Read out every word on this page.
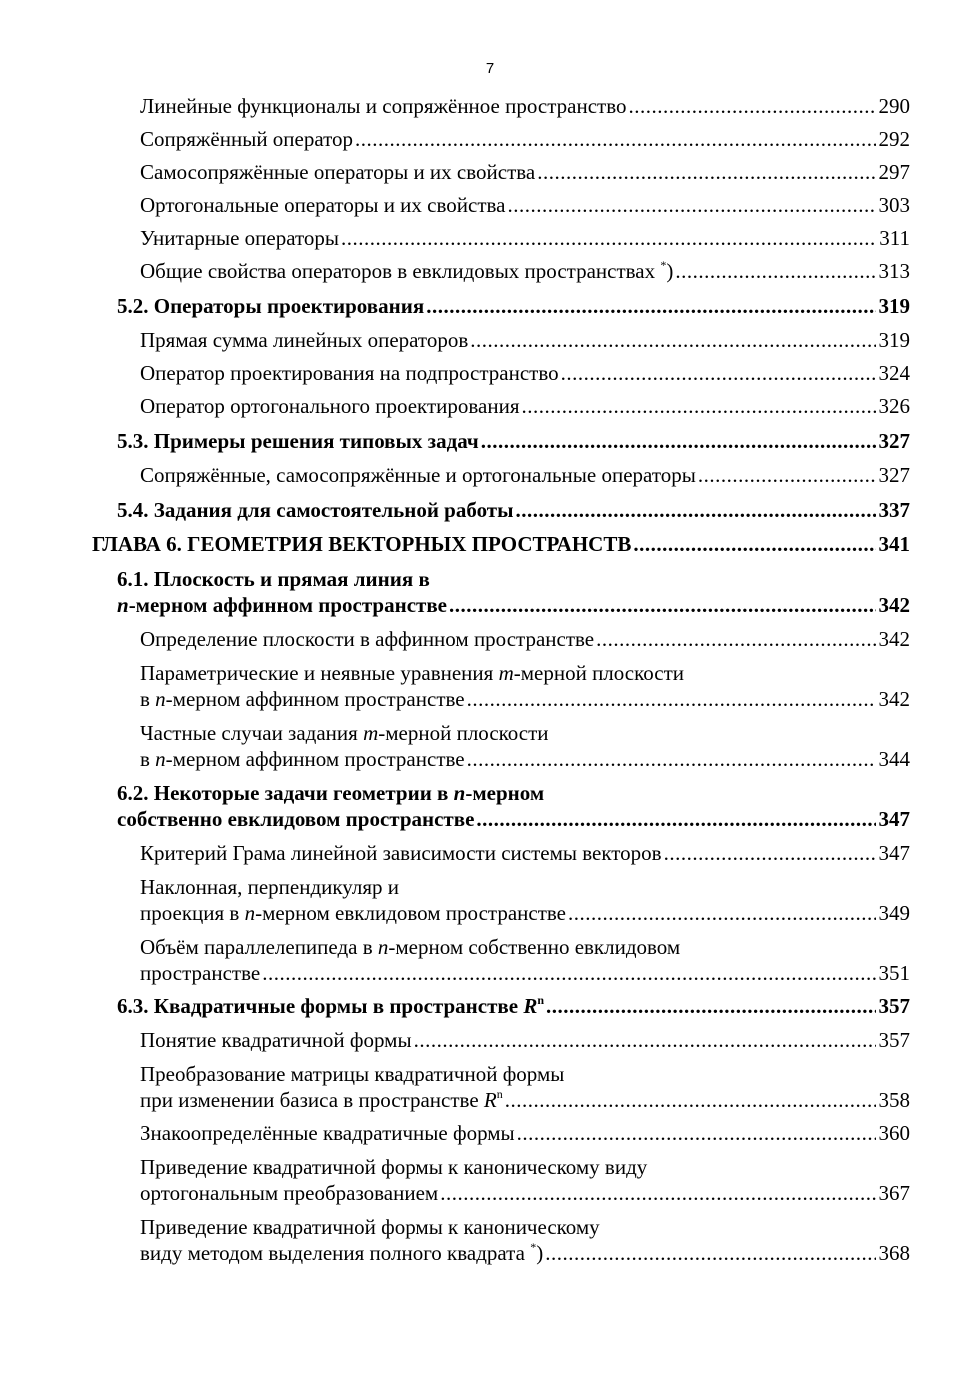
7
Линейные функционалы и сопряжённое пространство .....	290
Сопряжённый оператор .....	292
Самосопряжённые операторы и их свойства .....	297
Ортогональные операторы и их свойства .....	303
Унитарные операторы .....	311
Общие свойства операторов в евклидовых пространствах *) .....	313
5.2. Операторы проектирования .....	319
Прямая сумма линейных операторов .....	319
Оператор проектирования на подпространство .....	324
Оператор ортогонального проектирования .....	326
5.3. Примеры решения типовых задач .....	327
Сопряжённые, самосопряжённые и ортогональные операторы .....	327
5.4. Задания для самостоятельной работы .....	337
ГЛАВА 6. ГЕОМЕТРИЯ ВЕКТОРНЫХ ПРОСТРАНСТВ .....	341
6.1. Плоскость и прямая линия в
n-мерном аффинном пространстве .....	342
Определение плоскости в аффинном пространстве .....	342
Параметрические и неявные уравнения m-мерной плоскости
в n-мерном аффинном пространстве .....	342
Частные случаи задания m-мерной плоскости
в n-мерном аффинном пространстве .....	344
6.2. Некоторые задачи геометрии в n-мерном
собственно евклидовом пространстве .....	347
Критерий Грама линейной зависимости системы векторов .....	347
Наклонная, перпендикуляр и
проекция в n-мерном евклидовом пространстве .....	349
Объём параллелепипеда в n-мерном собственно евклидовом
пространстве .....	351
6.3. Квадратичные формы в пространстве $R^n$ .....	357
Понятие квадратичной формы .....	357
Преобразование матрицы квадратичной формы
при изменении базиса в пространстве $R^n$ .....	358
Знакоопределённые квадратичные формы .....	360
Приведение квадратичной формы к каноническому виду
ортогональным преобразованием .....	367
Приведение квадратичной формы к каноническому
виду методом выделения полного квадрата *) .....	368
